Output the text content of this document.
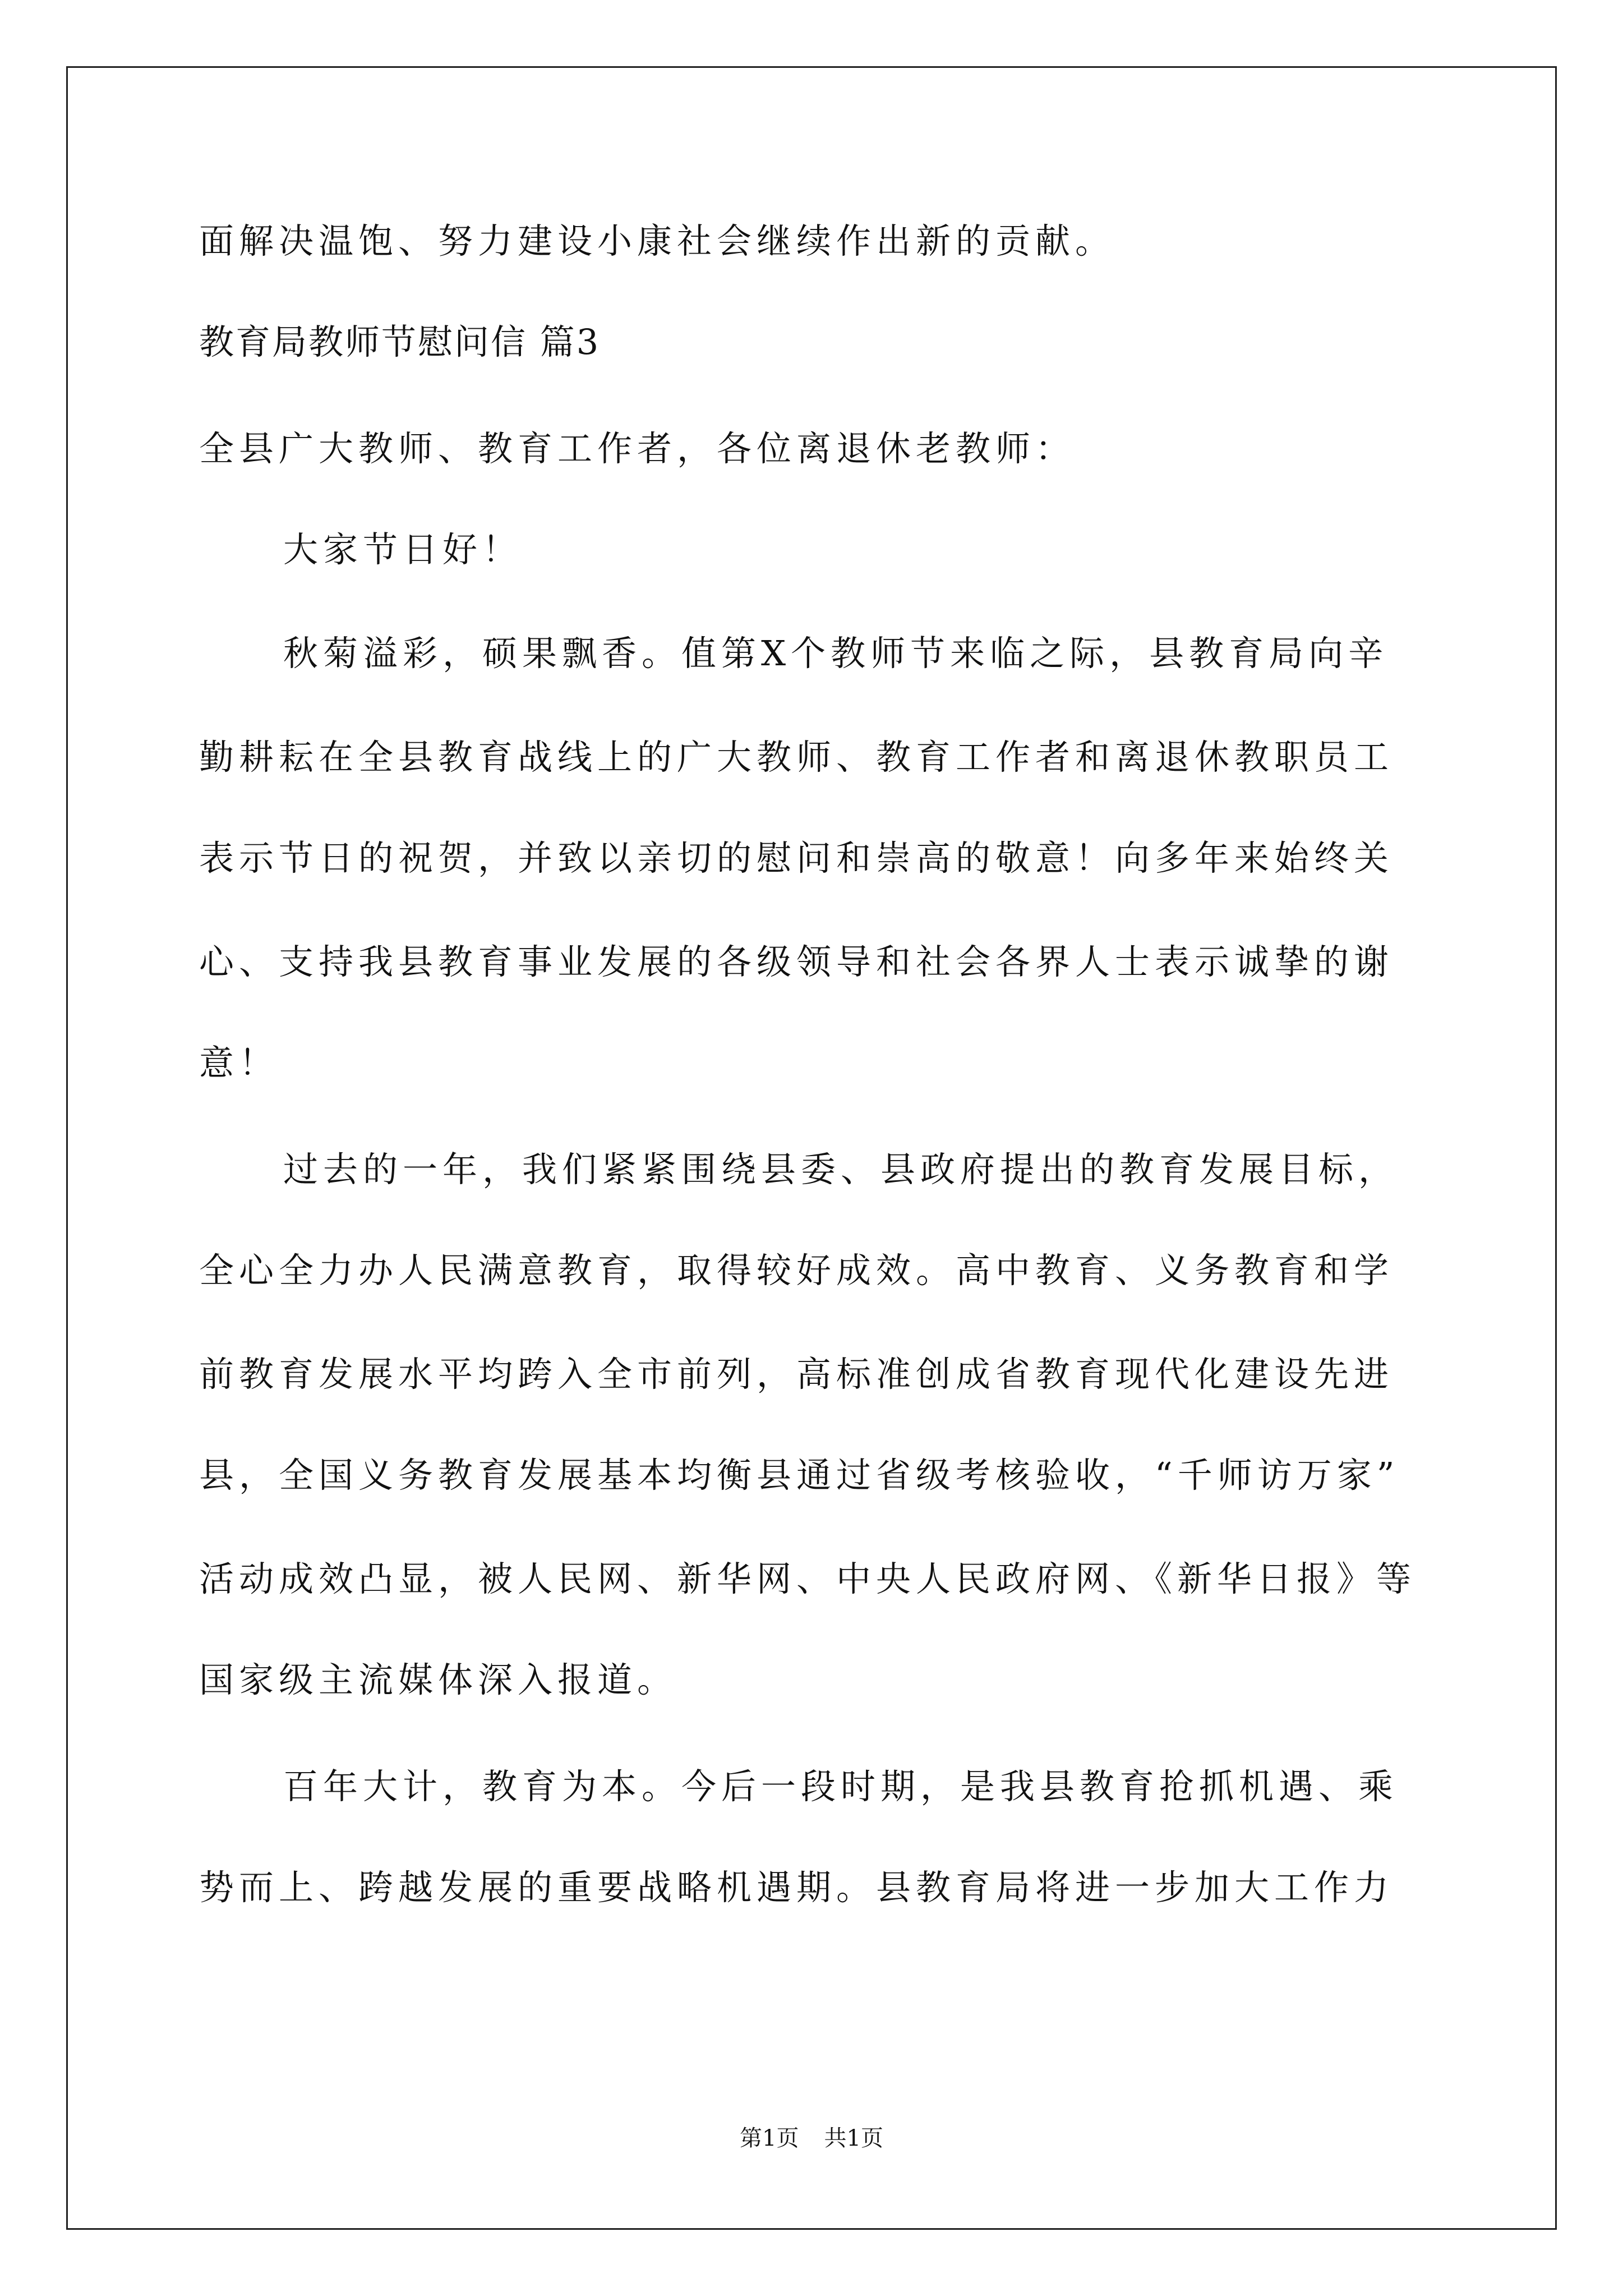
面解决温饱、努力建设小康社会继续作出新的贡献。
教育局教师节慰问信 篇3
全县广大教师、教育工作者，各位离退休老教师：
大家节日好！
秋菊溢彩，硕果飘香。值第X个教师节来临之际，县教育局向辛
勤耕耘在全县教育战线上的广大教师、教育工作者和离退休教职员工
表示节日的祝贺，并致以亲切的慰问和崇高的敬意！向多年来始终关
心、支持我县教育事业发展的各级领导和社会各界人士表示诚挚的谢
意！
过去的一年，我们紧紧围绕县委、县政府提出的教育发展目标，
全心全力办人民满意教育，取得较好成效。高中教育、义务教育和学
前教育发展水平均跨入全市前列，高标准创成省教育现代化建设先进
县，全国义务教育发展基本均衡县通过省级考核验收，“千师访万家”
活动成效凸显，被人民网、新华网、中央人民政府网、《新华日报》等
国家级主流媒体深入报道。
百年大计，教育为本。今后一段时期，是我县教育抢抓机遇、乘
势而上、跨越发展的重要战略机遇期。县教育局将进一步加大工作力
第1页 共1页
